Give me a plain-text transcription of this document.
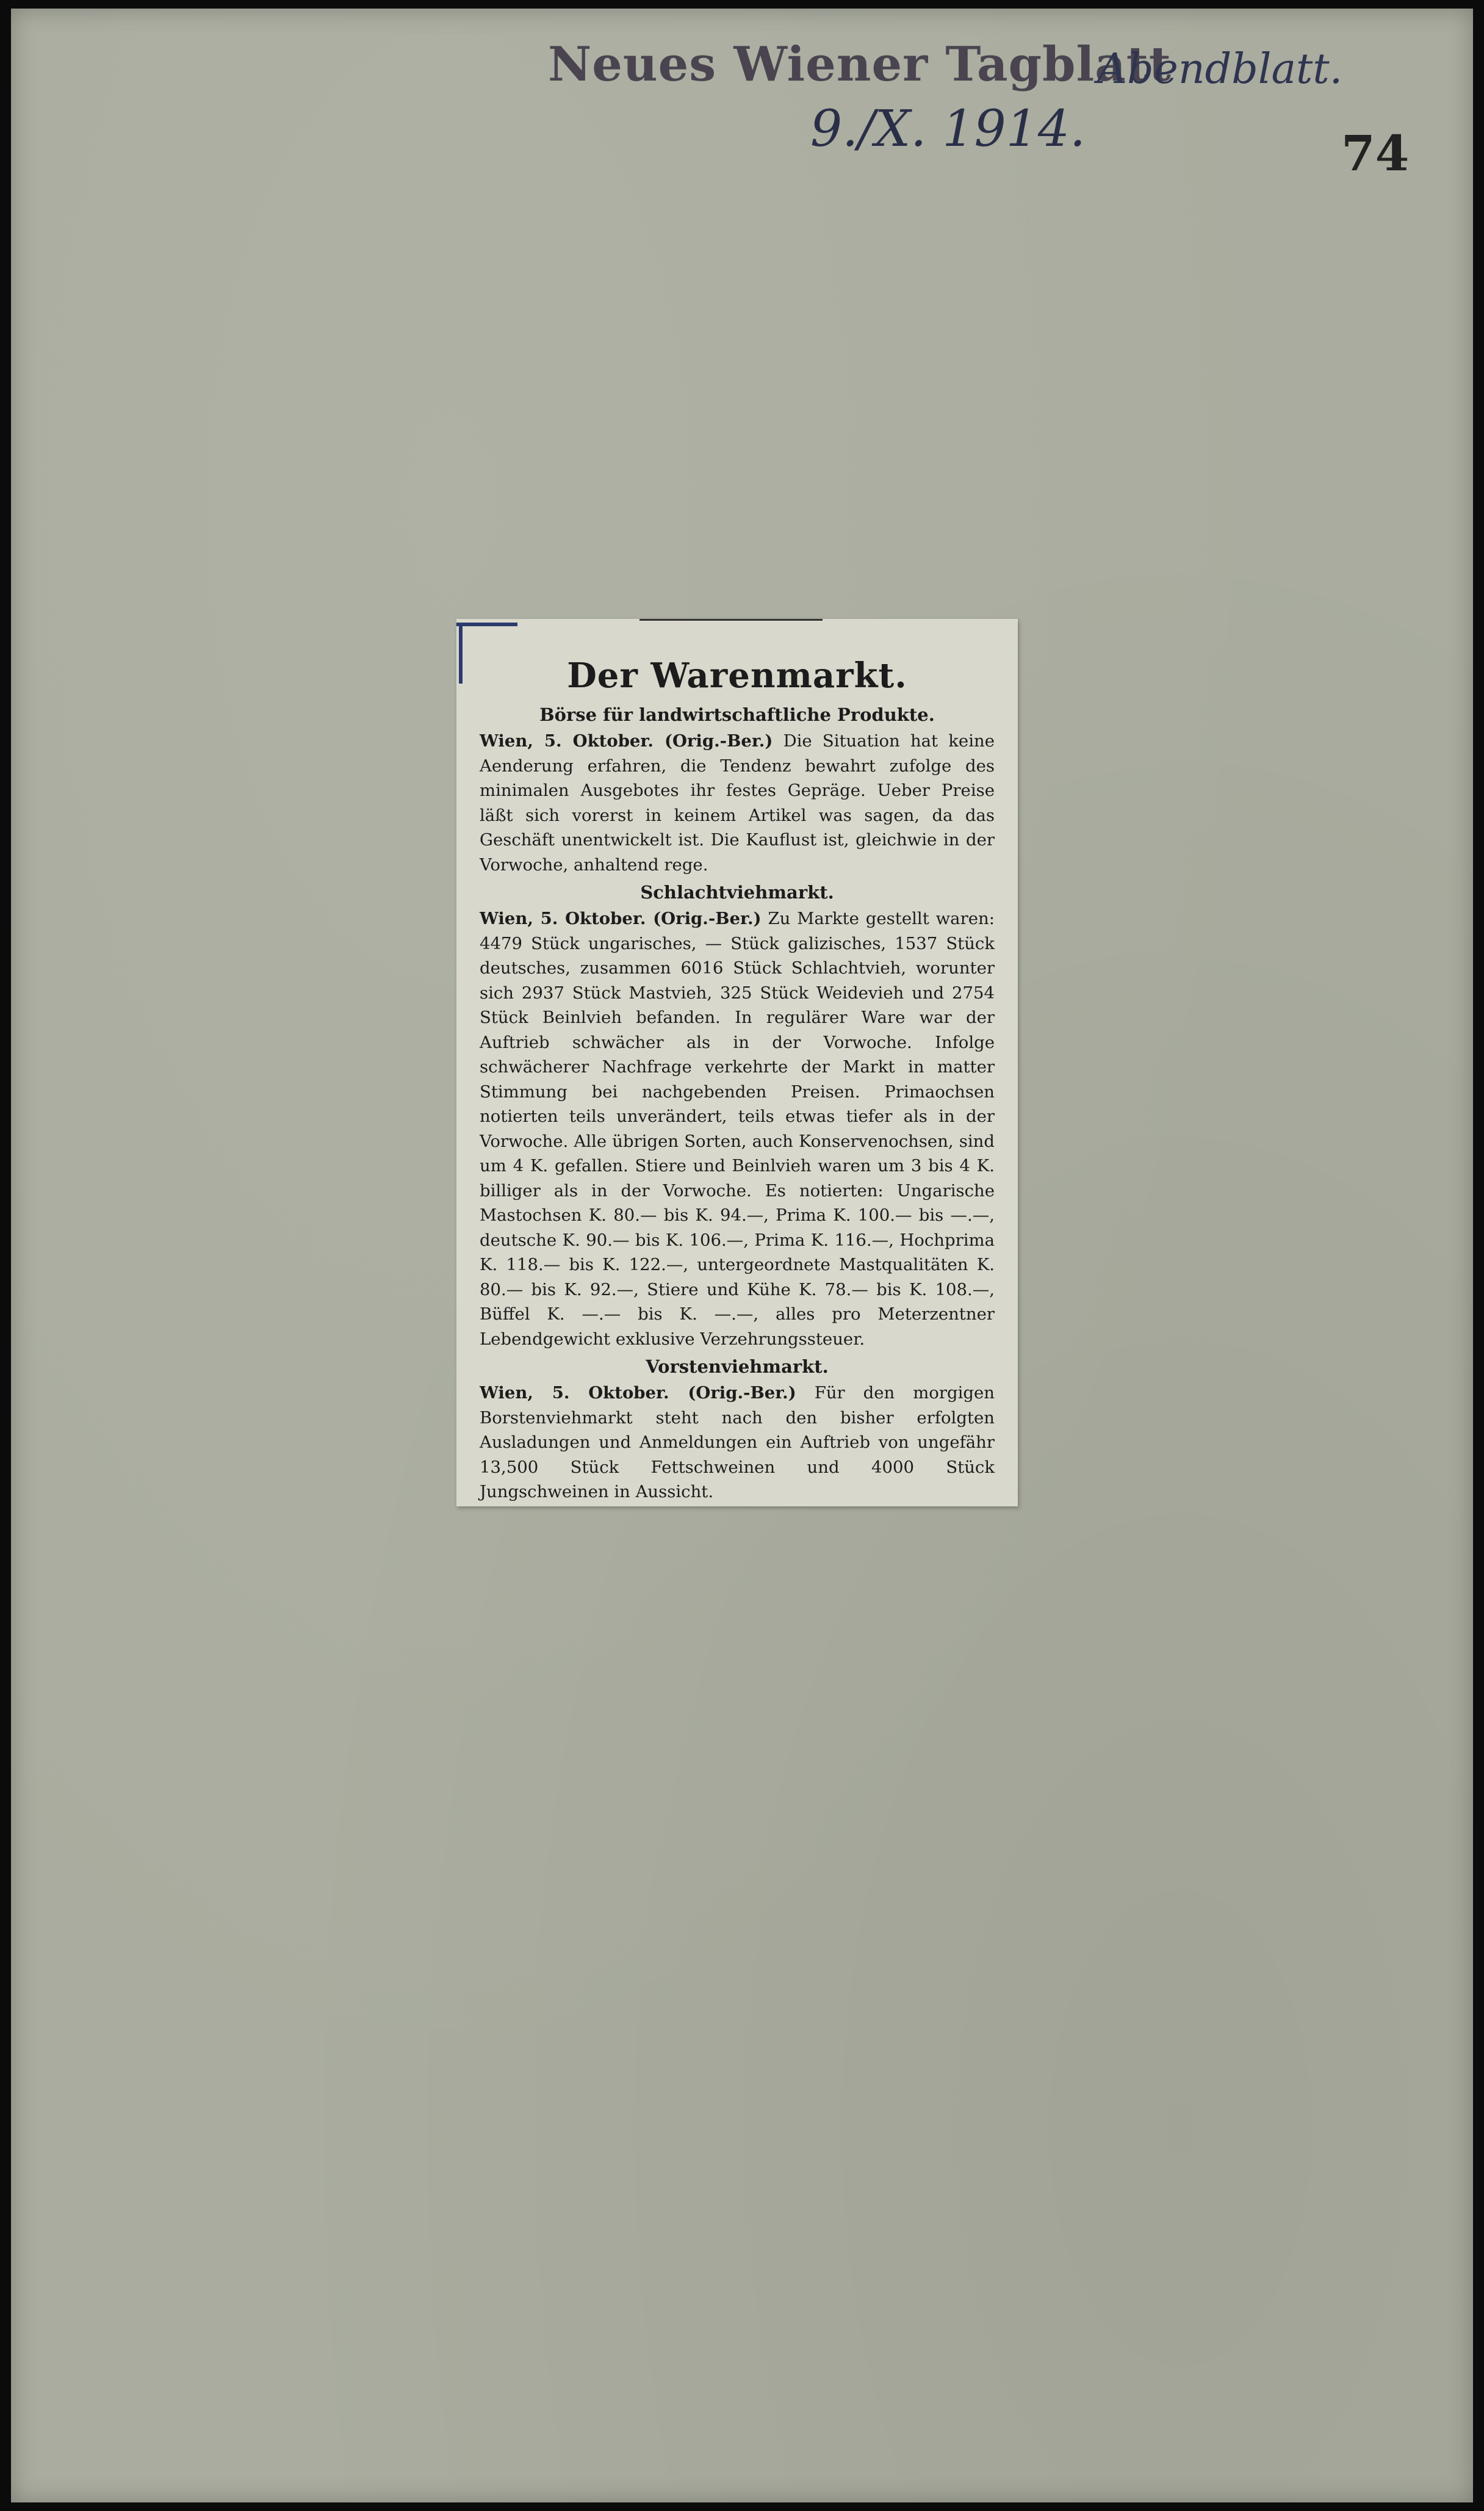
Neues Wiener Tagblatt
Abendblatt.
9./X. 1914.	74
Der Warenmarkt.
Börse für landwirtschaftliche Produkte.

Wien, 5. Oktober. (Orig.-Ber.) Die Situation hat keine Aenderung erfahren, die Tendenz bewahrt zufolge des minimalen Ausgebotes ihr festes Gepräge. Ueber Preise läßt sich vorerst in keinem Artikel was sagen, da das Geschäft unentwickelt ist. Die Kauflust ist, gleichwie in der Vorwoche, anhaltend rege.

Schlachtviehmarkt.

Wien, 5. Oktober. (Orig.-Ber.) Zu Markte gestellt waren: 4479 Stück ungarisches, — Stück galizisches, 1537 Stück deutsches, zusammen 6016 Stück Schlachtvieh, worunter sich 2937 Stück Mastvieh, 325 Stück Weidevieh und 2754 Stück Beinlvieh befanden. In regulärer Ware war der Auftrieb schwächer als in der Vorwoche. Infolge schwächerer Nachfrage verkehrte der Markt in matter Stimmung bei nachgebenden Preisen. Primaochsen notierten teils unverändert, teils etwas tiefer als in der Vorwoche. Alle übrigen Sorten, auch Konservenochsen, sind um 4 K. gefallen. Stiere und Beinlvieh waren um 3 bis 4 K. billiger als in der Vorwoche. Es notierten: Ungarische Mastochsen K. 80.— bis K. 94.—, Prima K. 100.— bis —.—, deutsche K. 90.— bis K. 106.—, Prima K. 116.—, Hochprima K. 118.— bis K. 122.—, untergeordnete Mastqualitäten K. 80.— bis K. 92.—, Stiere und Kühe K. 78.— bis K. 108.—, Büffel K. —.— bis K. —.—, alles pro Meterzentner Lebendgewicht exklusive Verzehrungssteuer.

Vorstenviehmarkt.

Wien, 5. Oktober. (Orig.-Ber.) Für den morgigen Borstenviehmarkt steht nach den bisher erfolgten Ausladungen und Anmeldungen ein Auftrieb von ungefähr 13,500 Stück Fettschweinen und 4000 Stück Jungschweinen in Aussicht.
